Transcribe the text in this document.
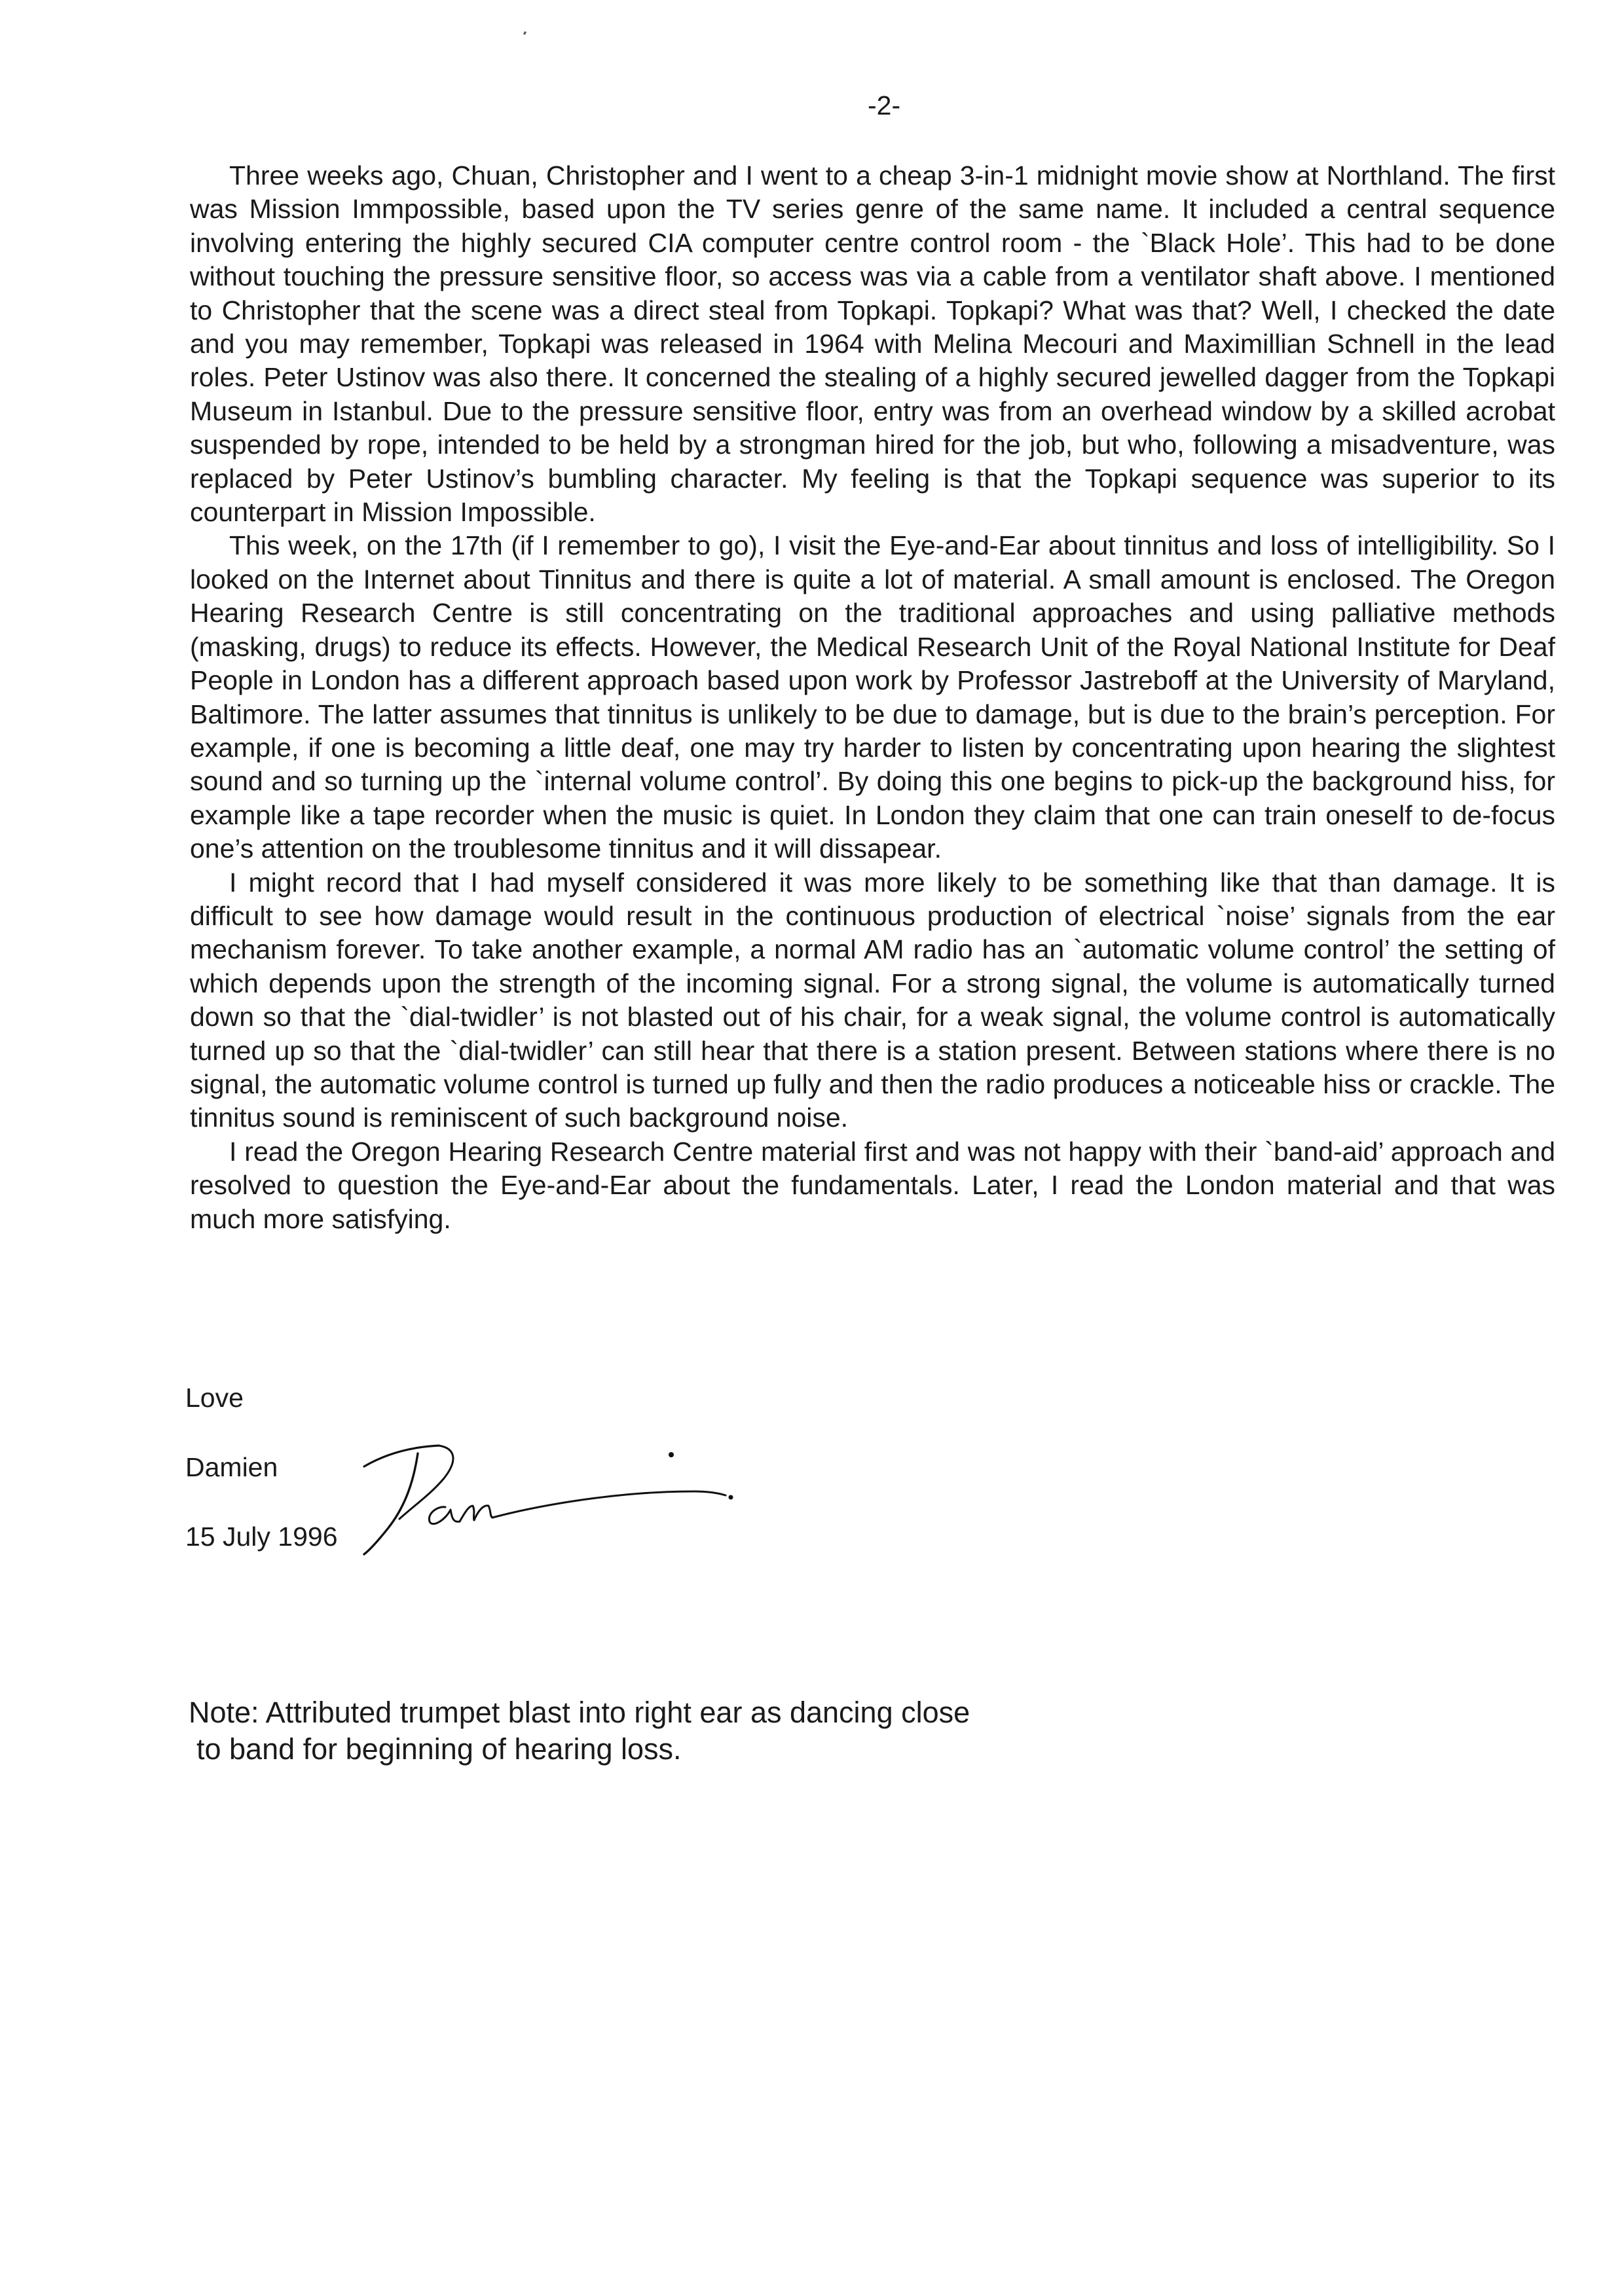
-2-

Three weeks ago, Chuan, Christopher and I went to a cheap 3-in-1 midnight movie show at Northland. The first was Mission Immpossible, based upon the TV series genre of the same name. It included a central sequence involving entering the highly secured CIA computer centre control room - the `Black Hole’. This had to be done without touching the pressure sensitive floor, so access was via a cable from a ventilator shaft above. I mentioned to Christopher that the scene was a direct steal from Topkapi. Topkapi? What was that? Well, I checked the date and you may remember, Topkapi was released in 1964 with Melina Mecouri and Maximillian Schnell in the lead roles. Peter Ustinov was also there. It concerned the stealing of a highly secured jewelled dagger from the Topkapi Museum in Istanbul. Due to the pressure sensitive floor, entry was from an overhead window by a skilled acrobat suspended by rope, intended to be held by a strongman hired for the job, but who, following a misadventure, was replaced by Peter Ustinov’s bumbling character. My feeling is that the Topkapi sequence was superior to its counterpart in Mission Impossible.

This week, on the 17th (if I remember to go), I visit the Eye-and-Ear about tinnitus and loss of intelligibility. So I looked on the Internet about Tinnitus and there is quite a lot of material. A small amount is enclosed. The Oregon Hearing Research Centre is still concentrating on the traditional approaches and using palliative methods (masking, drugs) to reduce its effects. However, the Medical Research Unit of the Royal National Institute for Deaf People in London has a different approach based upon work by Professor Jastreboff at the University of Maryland, Baltimore. The latter assumes that tinnitus is unlikely to be due to damage, but is due to the brain’s perception. For example, if one is becoming a little deaf, one may try harder to listen by concentrating upon hearing the slightest sound and so turning up the `internal volume control’. By doing this one begins to pick-up the background hiss, for example like a tape recorder when the music is quiet. In London they claim that one can train oneself to de-focus one’s attention on the troublesome tinnitus and it will dissapear.

I might record that I had myself considered it was more likely to be something like that than damage. It is difficult to see how damage would result in the continuous production of electrical `noise’ signals from the ear mechanism forever. To take another example, a normal AM radio has an `automatic volume control’ the setting of which depends upon the strength of the incoming signal. For a strong signal, the volume is automatically turned down so that the `dial-twidler’ is not blasted out of his chair, for a weak signal, the volume control is automatically turned up so that the `dial-twidler’ can still hear that there is a station present. Between stations where there is no signal, the automatic volume control is turned up fully and then the radio produces a noticeable hiss or crackle. The tinnitus sound is reminiscent of such background noise.

I read the Oregon Hearing Research Centre material first and was not happy with their `band-aid’ approach and resolved to question the Eye-and-Ear about the fundamentals. Later, I read the London material and that was much more satisfying.

Love
Damien
15 July 1996
Note: Attributed trumpet blast into right ear as dancing close
to band for beginning of hearing loss.
